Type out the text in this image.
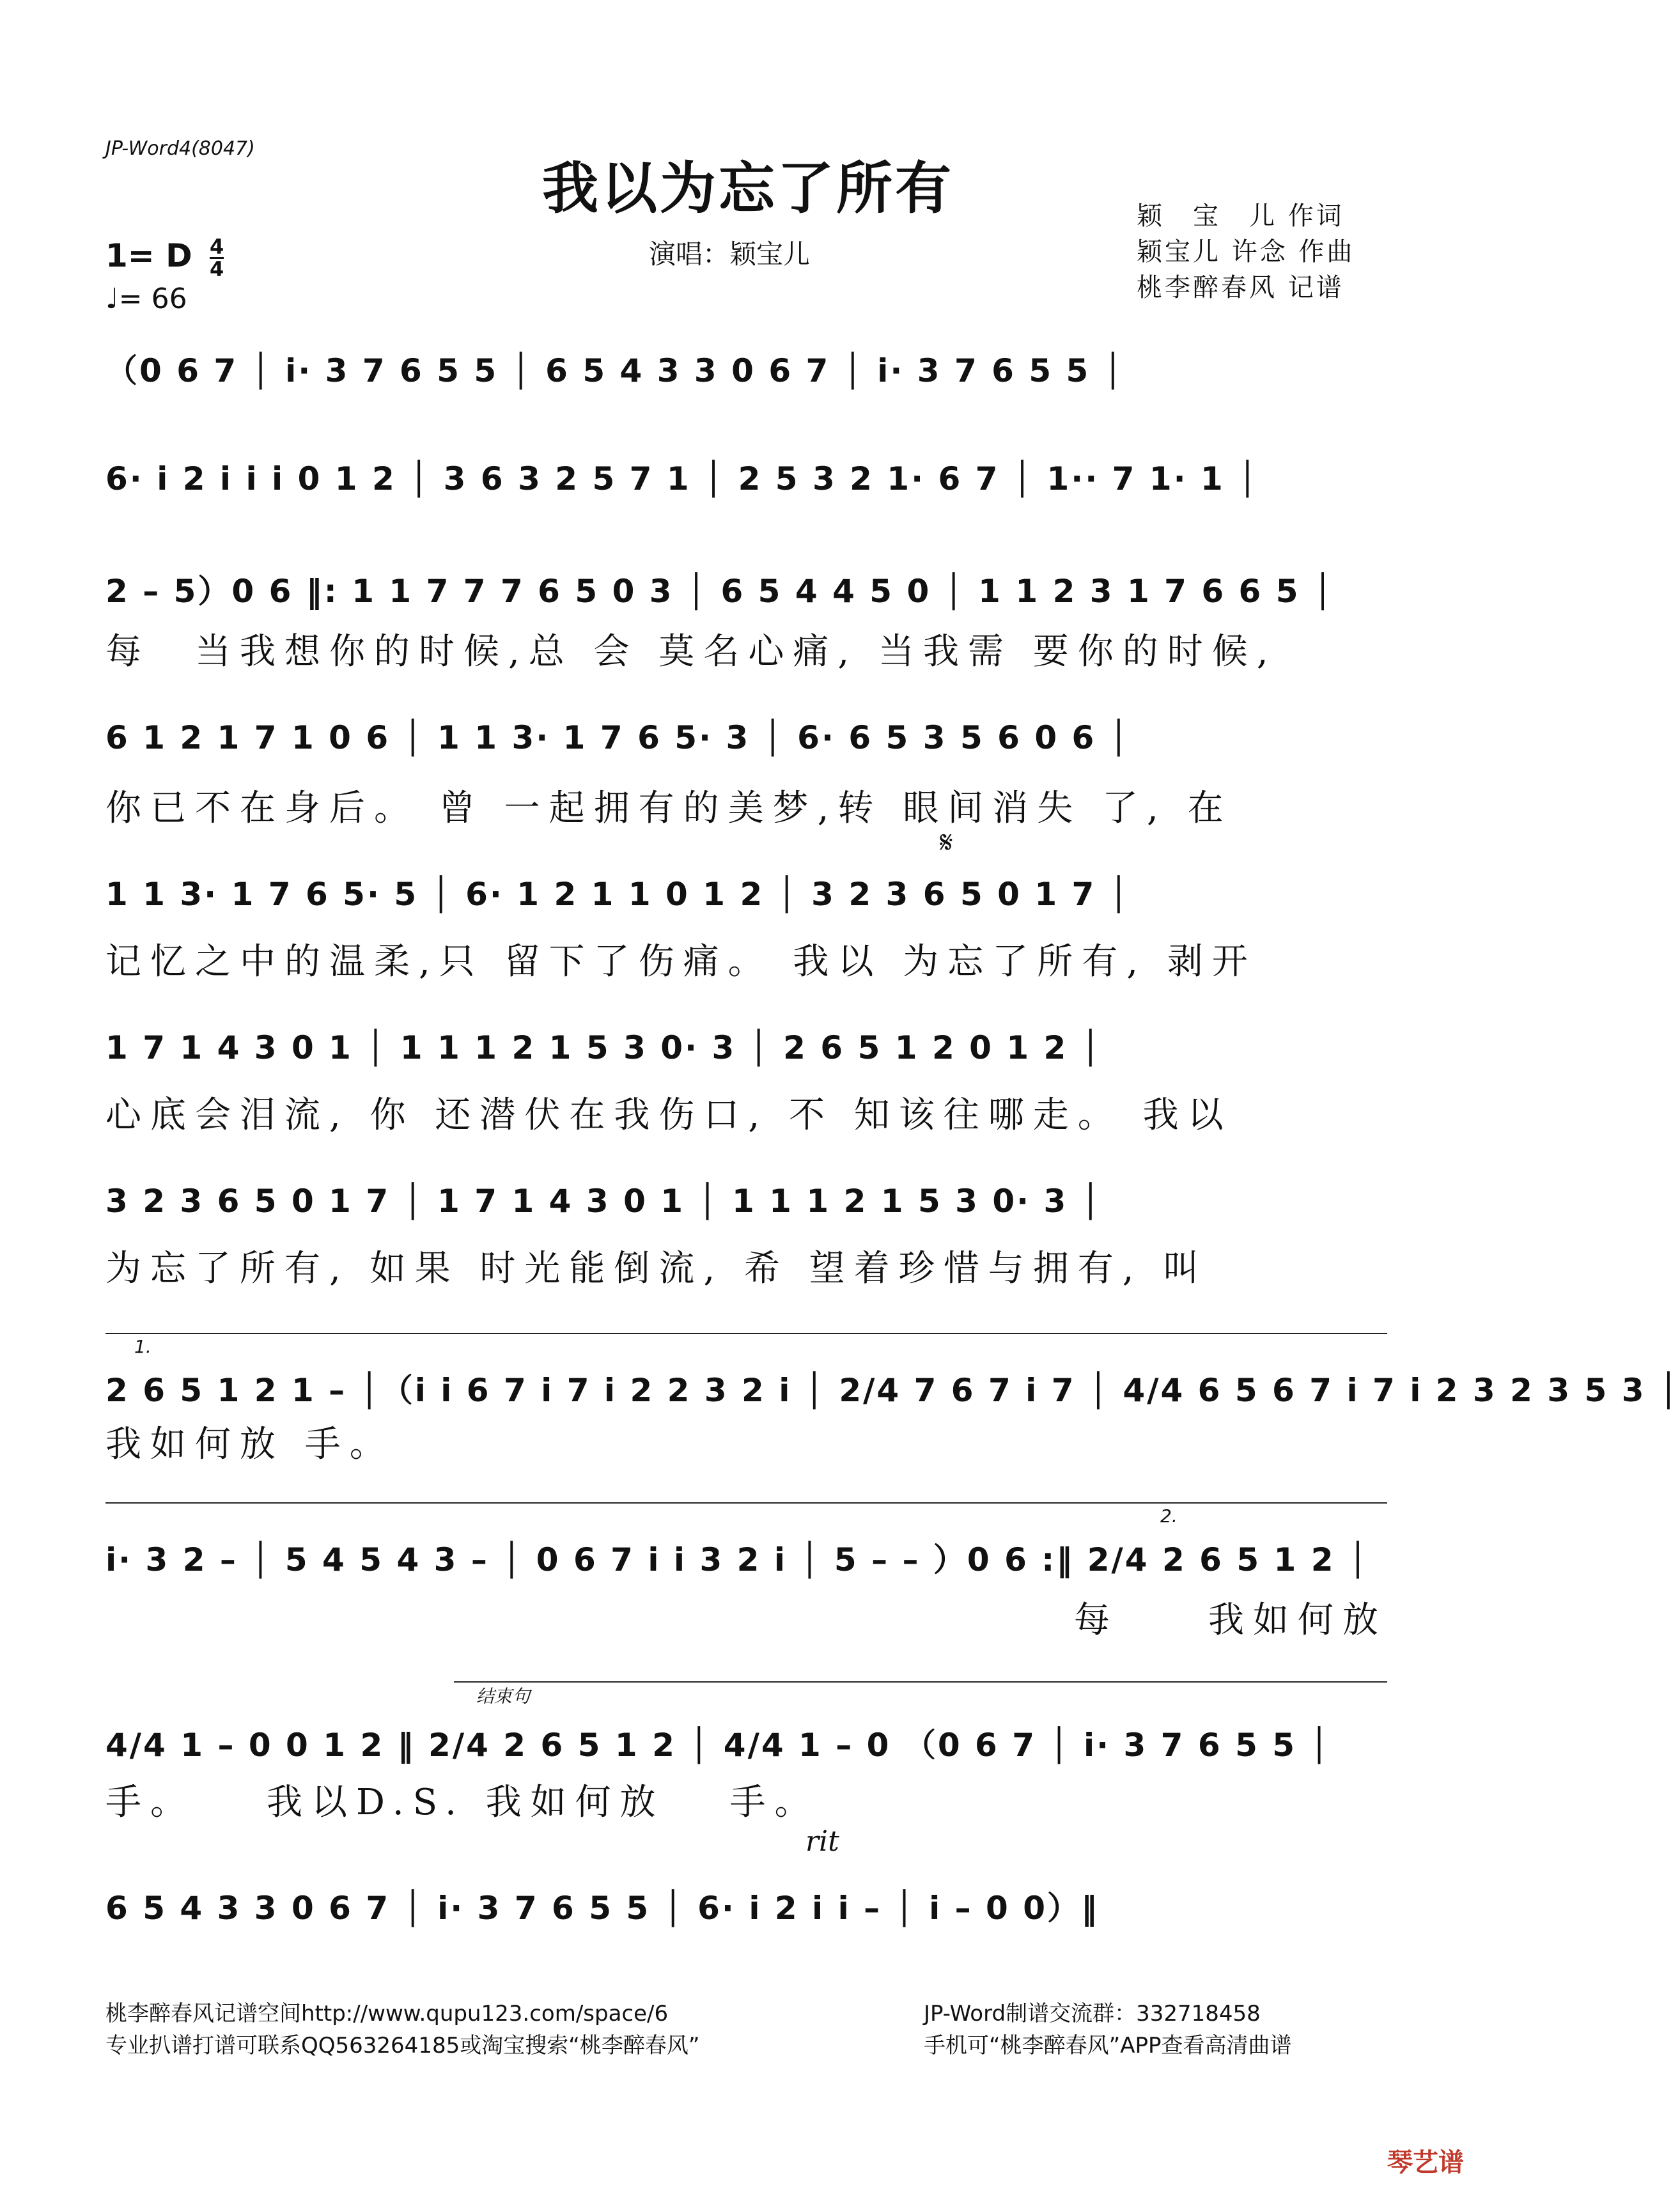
JP-Word4(8047)
我以为忘了所有
演唱：颖宝儿
颖　宝　儿 作词
颖宝儿 许念 作曲
桃李醉春风 记谱
1= D $\frac{4}{4}$
♩= 66
（0 6 7 │ i· 3 7 6 5 5 │ 6 5 4 3 3 0 6 7 │ i· 3 7 6 5 5 │
6· i 2 i i i 0 1 2 │ 3 6 3 2 5 7 1 │ 2 5 3 2 1· 6 7 │ 1·· 7 1· 1 │
2 – 5）0 6 ‖: 1 1 7 7 7 6 5 0 3 │ 6 5 4 4 5 0 │ 1 1 2 3 1 7 6 6 5 │
每　当我想你的时候,总 会 莫名心痛, 当我需 要你的时候,
6 1 2 1 7 1 0 6 │ 1 1 3· 1 7 6 5· 3 │ 6· 6 5 3 5 6 0 6 │
你已不在身后。 曾 一起拥有的美梦,转 眼间消失 了, 在
𝄋
1 1 3· 1 7 6 5· 5 │ 6· 1 2 1 1 0 1 2 │ 3 2 3 6 5 0 1 7 │
记忆之中的温柔,只 留下了伤痛。 我以 为忘了所有, 剥开
1 7 1 4 3 0 1 │ 1 1 1 2 1 5 3 0· 3 │ 2 6 5 1 2 0 1 2 │
心底会泪流, 你 还潜伏在我伤口, 不 知该往哪走。 我以
3 2 3 6 5 0 1 7 │ 1 7 1 4 3 0 1 │ 1 1 1 2 1 5 3 0· 3 │
为忘了所有, 如果 时光能倒流, 希 望着珍惜与拥有, 叫
1.
2 6 5 1 2 1 – │（i i 6 7 i 7 i 2 2 3 2 i │ 2/4 7 6 7 i 7 │ 4/4 6 5 6 7 i 7 i 2 3 2 3 5 3 │
我如何放 手。
2.
i· 3 2 – │ 5 4 5 4 3 – │ 0 6 7 i i 3 2 i │ 5 – – ）0 6 :‖ 2/4 2 6 5 1 2 │
每　　我如何放
结束句
4/4 1 – 0 0 1 2 ‖ 2/4 2 6 5 1 2 │ 4/4 1 – 0 （0 6 7 │ i· 3 7 6 5 5 │
手。　　我以D.S. 我如何放　 手。
rit
6 5 4 3 3 0 6 7 │ i· 3 7 6 5 5 │ 6· i 2 i i – │ i – 0 0）‖
桃李醉春风记谱空间http://www.qupu123.com/space/6
专业扒谱打谱可联系QQ563264185或淘宝搜索“桃李醉春风”
JP-Word制谱交流群：332718458
手机可“桃李醉春风”APP查看高清曲谱
琴艺谱
